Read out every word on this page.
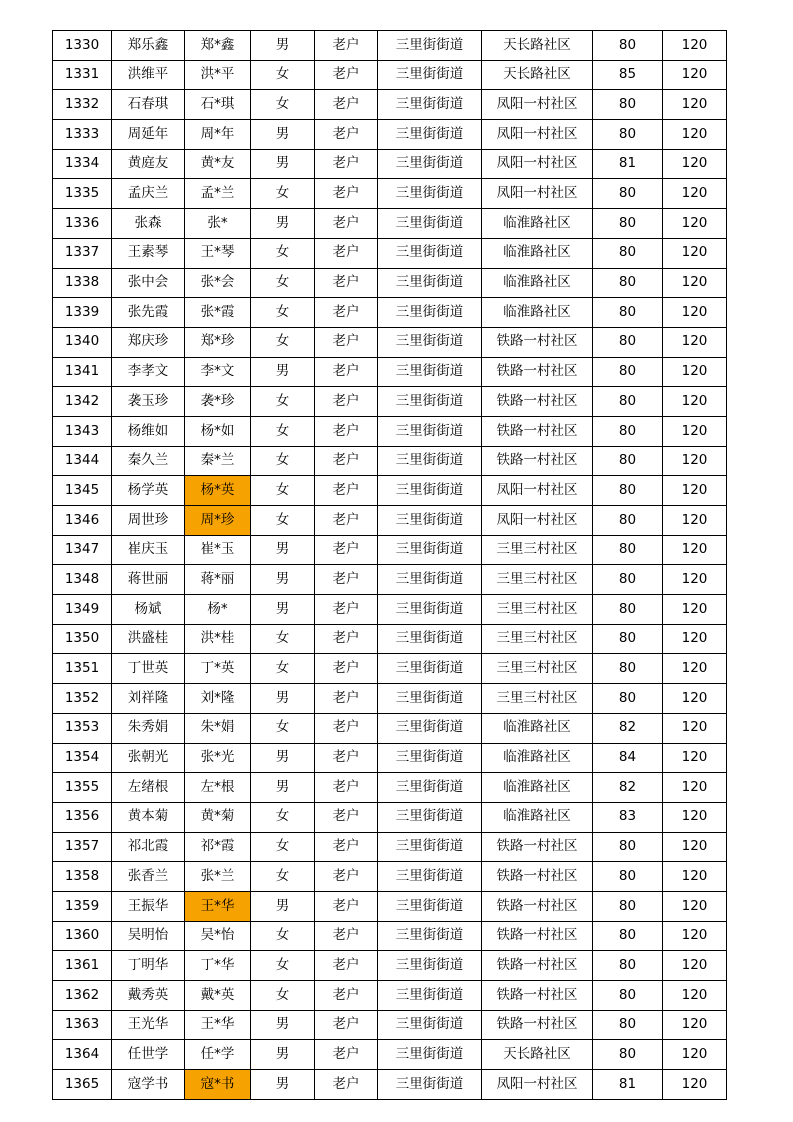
1330	郑乐鑫	郑*鑫	男	老户	三里街街道	天长路社区	80	120
1331	洪维平	洪*平	女	老户	三里街街道	天长路社区	85	120
1332	石春琪	石*琪	女	老户	三里街街道	凤阳一村社区	80	120
1333	周延年	周*年	男	老户	三里街街道	凤阳一村社区	80	120
1334	黄庭友	黄*友	男	老户	三里街街道	凤阳一村社区	81	120
1335	孟庆兰	孟*兰	女	老户	三里街街道	凤阳一村社区	80	120
1336	张森	张*	男	老户	三里街街道	临淮路社区	80	120
1337	王素琴	王*琴	女	老户	三里街街道	临淮路社区	80	120
1338	张中会	张*会	女	老户	三里街街道	临淮路社区	80	120
1339	张先霞	张*霞	女	老户	三里街街道	临淮路社区	80	120
1340	郑庆珍	郑*珍	女	老户	三里街街道	铁路一村社区	80	120
1341	李孝文	李*文	男	老户	三里街街道	铁路一村社区	80	120
1342	袭玉珍	袭*珍	女	老户	三里街街道	铁路一村社区	80	120
1343	杨维如	杨*如	女	老户	三里街街道	铁路一村社区	80	120
1344	秦久兰	秦*兰	女	老户	三里街街道	铁路一村社区	80	120
1345	杨学英	杨*英	女	老户	三里街街道	凤阳一村社区	80	120
1346	周世珍	周*珍	女	老户	三里街街道	凤阳一村社区	80	120
1347	崔庆玉	崔*玉	男	老户	三里街街道	三里三村社区	80	120
1348	蒋世丽	蒋*丽	男	老户	三里街街道	三里三村社区	80	120
1349	杨斌	杨*	男	老户	三里街街道	三里三村社区	80	120
1350	洪盛桂	洪*桂	女	老户	三里街街道	三里三村社区	80	120
1351	丁世英	丁*英	女	老户	三里街街道	三里三村社区	80	120
1352	刘祥隆	刘*隆	男	老户	三里街街道	三里三村社区	80	120
1353	朱秀娟	朱*娟	女	老户	三里街街道	临淮路社区	82	120
1354	张朝光	张*光	男	老户	三里街街道	临淮路社区	84	120
1355	左绪根	左*根	男	老户	三里街街道	临淮路社区	82	120
1356	黄本菊	黄*菊	女	老户	三里街街道	临淮路社区	83	120
1357	祁北霞	祁*霞	女	老户	三里街街道	铁路一村社区	80	120
1358	张香兰	张*兰	女	老户	三里街街道	铁路一村社区	80	120
1359	王振华	王*华	男	老户	三里街街道	铁路一村社区	80	120
1360	吴明怡	吴*怡	女	老户	三里街街道	铁路一村社区	80	120
1361	丁明华	丁*华	女	老户	三里街街道	铁路一村社区	80	120
1362	戴秀英	戴*英	女	老户	三里街街道	铁路一村社区	80	120
1363	王光华	王*华	男	老户	三里街街道	铁路一村社区	80	120
1364	任世学	任*学	男	老户	三里街街道	天长路社区	80	120
1365	寇学书	寇*书	男	老户	三里街街道	凤阳一村社区	81	120
